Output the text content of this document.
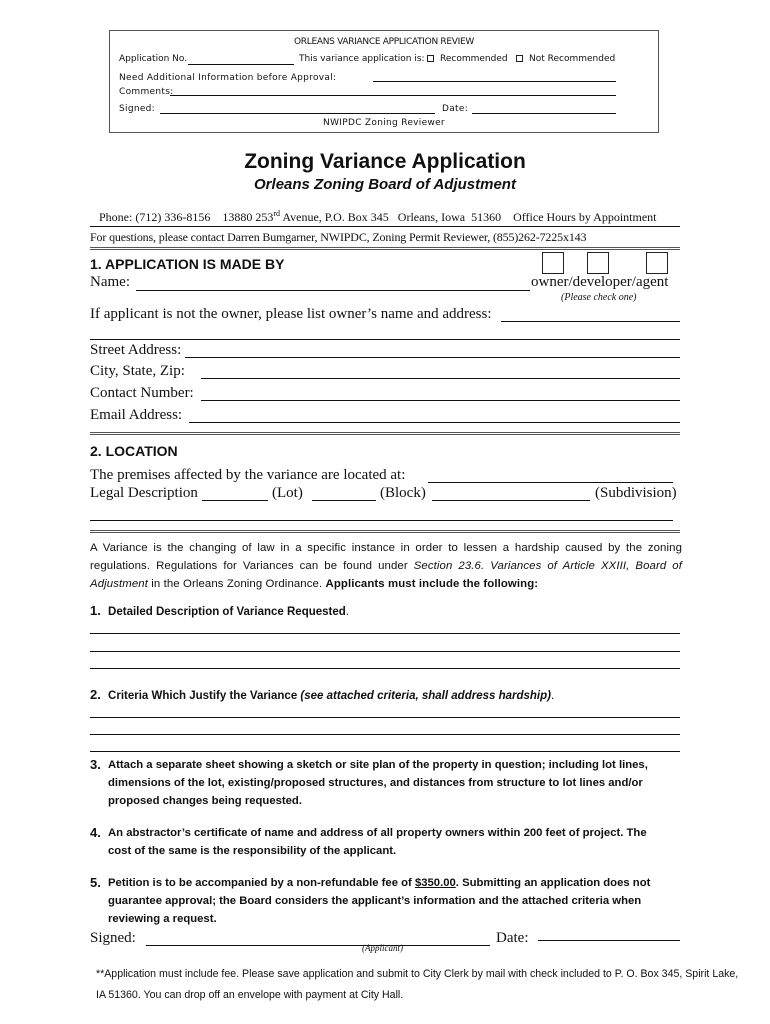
ORLEANS VARIANCE APPLICATION REVIEW
Application No.	This variance application is: Recommended Not Recommended
Need Additional Information before Approval:
Comments:
Signed:	Date:
NWIPDC Zoning Reviewer
Zoning Variance Application
Orleans Zoning Board of Adjustment
Phone: (712) 336-8156    13880 253rd Avenue, P.O. Box 345   Orleans, Iowa  51360    Office Hours by Appointment
For questions, please contact Darren Bumgarner, NWIPDC, Zoning Permit Reviewer, (855)262-7225x143
1. APPLICATION IS MADE BY
Name:	owner/developer/agent
(Please check one)
If applicant is not the owner, please list owner’s name and address:
Street Address:
City, State, Zip:
Contact Number:
Email Address:
2. LOCATION
The premises affected by the variance are located at:
Legal Description	(Lot)	(Block)	(Subdivision)
A Variance is the changing of law in a specific instance in order to lessen a hardship caused by the zoning regulations. Regulations for Variances can be found under Section 23.6. Variances of Article XXIII, Board of Adjustment in the Orleans Zoning Ordinance. Applicants must include the following:
1. Detailed Description of Variance Requested.
2. Criteria Which Justify the Variance (see attached criteria, shall address hardship).
3. Attach a separate sheet showing a sketch or site plan of the property in question; including lot lines, dimensions of the lot, existing/proposed structures, and distances from structure to lot lines and/or proposed changes being requested.
4. An abstractor’s certificate of name and address of all property owners within 200 feet of project. The cost of the same is the responsibility of the applicant.
5. Petition is to be accompanied by a non-refundable fee of $350.00. Submitting an application does not guarantee approval; the Board considers the applicant’s information and the attached criteria when reviewing a request.
Signed:
(Applicant)
Date:
**Application must include fee. Please save application and submit to City Clerk by mail with check included to P. O. Box 345, Spirit Lake, IA 51360. You can drop off an envelope with payment at City Hall.
